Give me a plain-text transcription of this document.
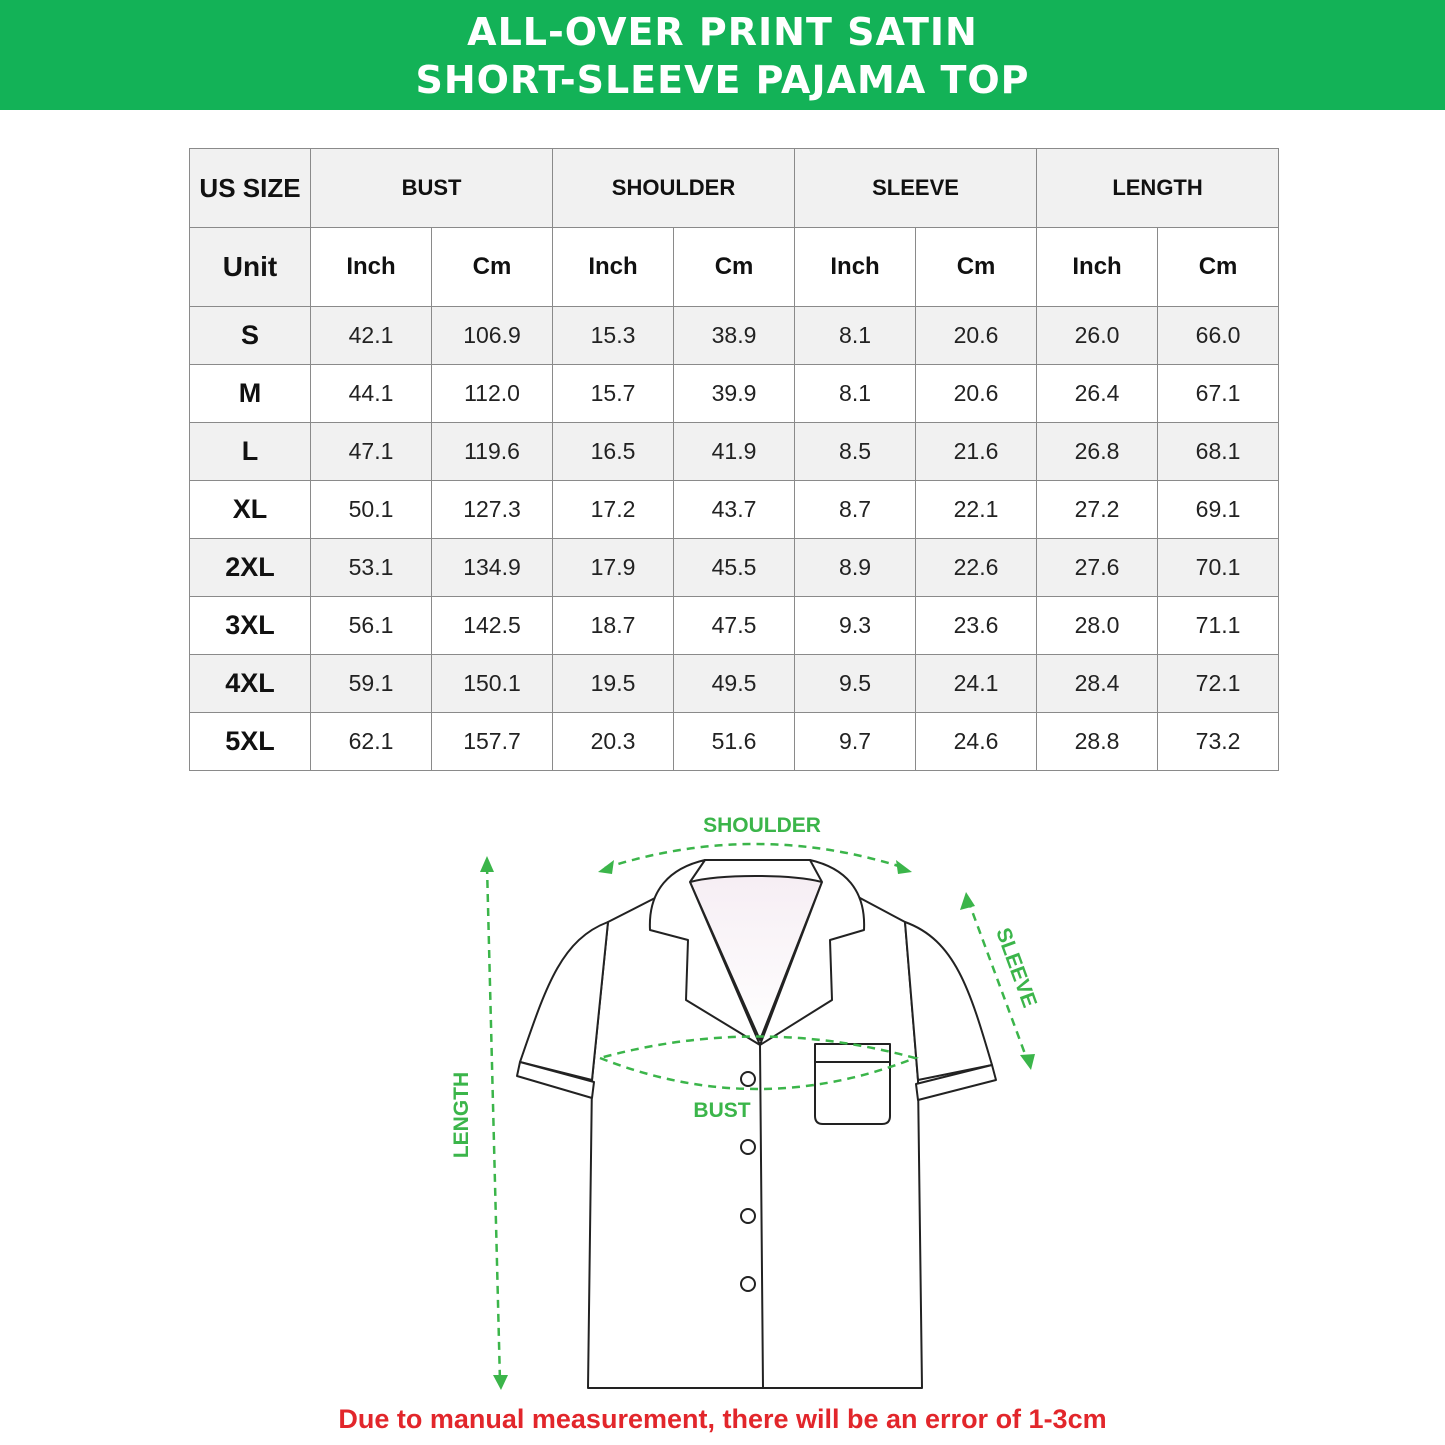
ALL-OVER PRINT SATIN
SHORT-SLEEVE PAJAMA TOP
US SIZE	BUST		SHOULDER		SLEEVE		LENGTH	
Unit	Inch	Cm	Inch	Cm	Inch	Cm	Inch	Cm
S	42.1	106.9	15.3	38.9	8.1	20.6	26.0	66.0
M	44.1	112.0	15.7	39.9	8.1	20.6	26.4	67.1
L	47.1	119.6	16.5	41.9	8.5	21.6	26.8	68.1
XL	50.1	127.3	17.2	43.7	8.7	22.1	27.2	69.1
2XL	53.1	134.9	17.9	45.5	8.9	22.6	27.6	70.1
3XL	56.1	142.5	18.7	47.5	9.3	23.6	28.0	71.1
4XL	59.1	150.1	19.5	49.5	9.5	24.1	28.4	72.1
5XL	62.1	157.7	20.3	51.6	9.7	24.6	28.8	73.2
SHOULDER
BUST
SLEEVE
LENGTH
Due to manual measurement, there will be an error of 1-3cm
